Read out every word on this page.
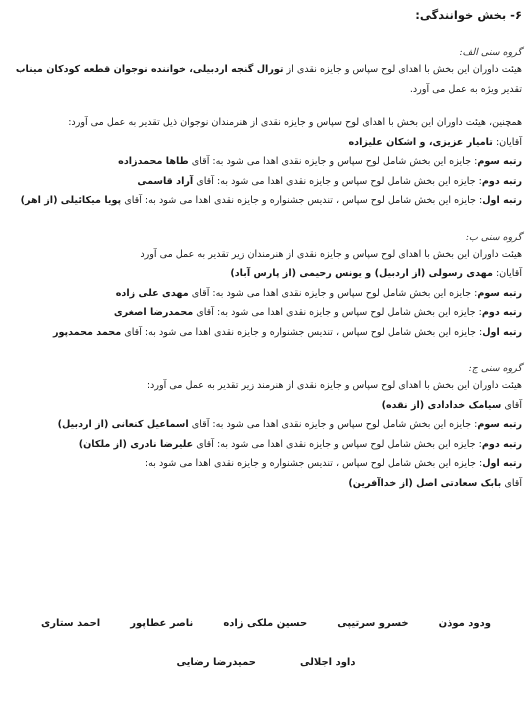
۶- بخش خوانندگی:
گروه سنی الف:
هیئت داوران این بخش با اهدای لوح سپاس و جایزه نقدی از تورال گنجه اردبیلی، خواننده نوجوان قطعه کودکان میناب
تقدیر ویژه به عمل می آورد.
همچنین، هیئت داوران این بخش با اهدای لوح سپاس و جایزه نقدی از هنرمندان نوجوان ذیل تقدیر به عمل می آورد:
آقایان: تامیار عزیزی، و اشکان علیزاده
رتبه سوم: جایزه این بخش شامل لوح سپاس و جایزه نقدی اهدا می شود به: آقای طاها محمدزاده
رتبه دوم: جایزه این بخش شامل لوح سپاس و جایزه نقدی اهدا می شود به: آقای آراد قاسمی
رتبه اول: جایزه این بخش شامل لوح سپاس ، تندیس جشنواره و جایزه نقدی اهدا می شود به: آقای پویا میکائیلی (از اهر)
گروه سنی ب:
هیئت داوران این بخش با اهدای لوح سپاس و جایزه نقدی از هنرمندان زیر تقدیر به عمل می آورد
آقایان: مهدی رسولی (از اردبیل) و یونس رحیمی (از پارس آباد)
رتبه سوم: جایزه این بخش شامل لوح سپاس و جایزه نقدی اهدا می شود به: آقای مهدی علی زاده
رتبه دوم: جایزه این بخش شامل لوح سپاس و جایزه نقدی اهدا می شود به: آقای محمدرضا اصغری
رتبه اول: جایزه این بخش شامل لوح سپاس ، تندیس جشنواره و جایزه نقدی اهدا می شود به: آقای محمد محمدپور
گروه سنی ج:
هیئت داوران این بخش با اهدای لوح سپاس و جایزه نقدی از هنرمند زیر تقدیر به عمل می آورد:
آقای سیامک خدادادی (از نقده)
رتبه سوم: جایزه این بخش شامل لوح سپاس و جایزه نقدی اهدا می شود به: آقای اسماعیل کنعانی (از اردبیل)
رتبه دوم: جایزه این بخش شامل لوح سپاس و جایزه نقدی اهدا می شود به: آقای علیرضا نادری (از ملکان)
رتبه اول: جایزه این بخش شامل لوح سپاس ، تندیس جشنواره و جایزه نقدی اهدا می شود به:
آقای بابک سعادتی اصل (از خداآفرین)
ودود موذن
خسرو سرتیپی
حسین ملکی زاده
ناصر عطاپور
احمد ستاری
داود اجلالی
حمیدرضا رضایی
